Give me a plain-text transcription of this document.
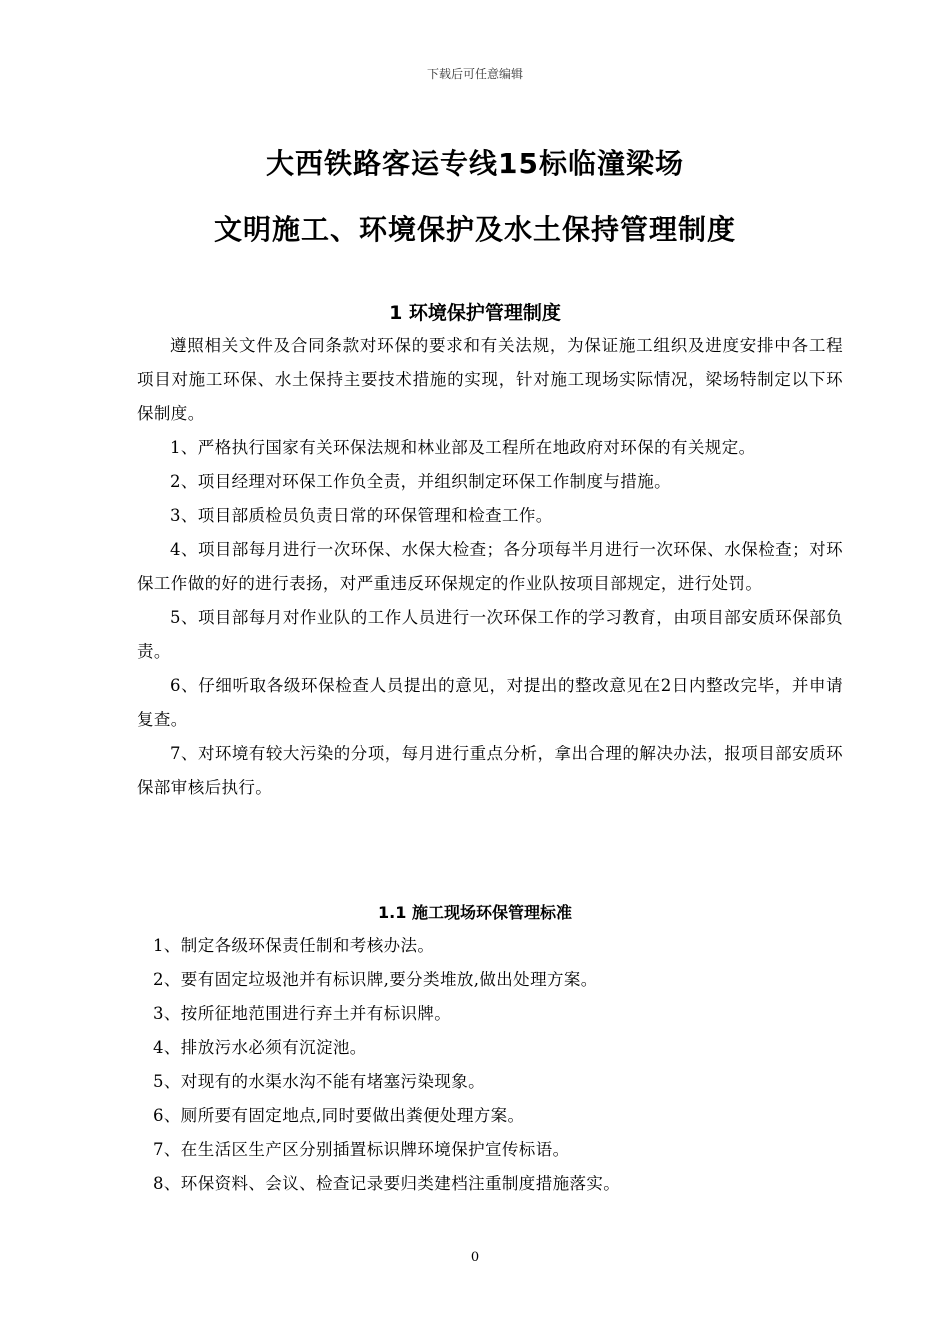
下载后可任意编辑
大西铁路客运专线15标临潼梁场
文明施工、环境保护及水土保持管理制度
1 环境保护管理制度

遵照相关文件及合同条款对环保的要求和有关法规，为保证施工组织及进度安排中各工程项目对施工环保、水土保持主要技术措施的实现，针对施工现场实际情况，梁场特制定以下环保制度。

1、严格执行国家有关环保法规和林业部及工程所在地政府对环保的有关规定。

2、项目经理对环保工作负全责，并组织制定环保工作制度与措施。

3、项目部质检员负责日常的环保管理和检查工作。

4、项目部每月进行一次环保、水保大检查；各分项每半月进行一次环保、水保检查；对环保工作做的好的进行表扬，对严重违反环保规定的作业队按项目部规定，进行处罚。

5、项目部每月对作业队的工作人员进行一次环保工作的学习教育，由项目部安质环保部负责。

6、仔细听取各级环保检查人员提出的意见，对提出的整改意见在2日内整改完毕，并申请复查。

7、对环境有较大污染的分项，每月进行重点分析，拿出合理的解决办法，报项目部安质环保部审核后执行。

1.1 施工现场环保管理标准

1、制定各级环保责任制和考核办法。

2、要有固定垃圾池并有标识牌,要分类堆放,做出处理方案。

3、按所征地范围进行弃土并有标识牌。

4、排放污水必须有沉淀池。

5、对现有的水渠水沟不能有堵塞污染现象。

6、厕所要有固定地点,同时要做出粪便处理方案。

7、在生活区生产区分别插置标识牌环境保护宣传标语。

8、环保资料、会议、检查记录要归类建档注重制度措施落实。

0
